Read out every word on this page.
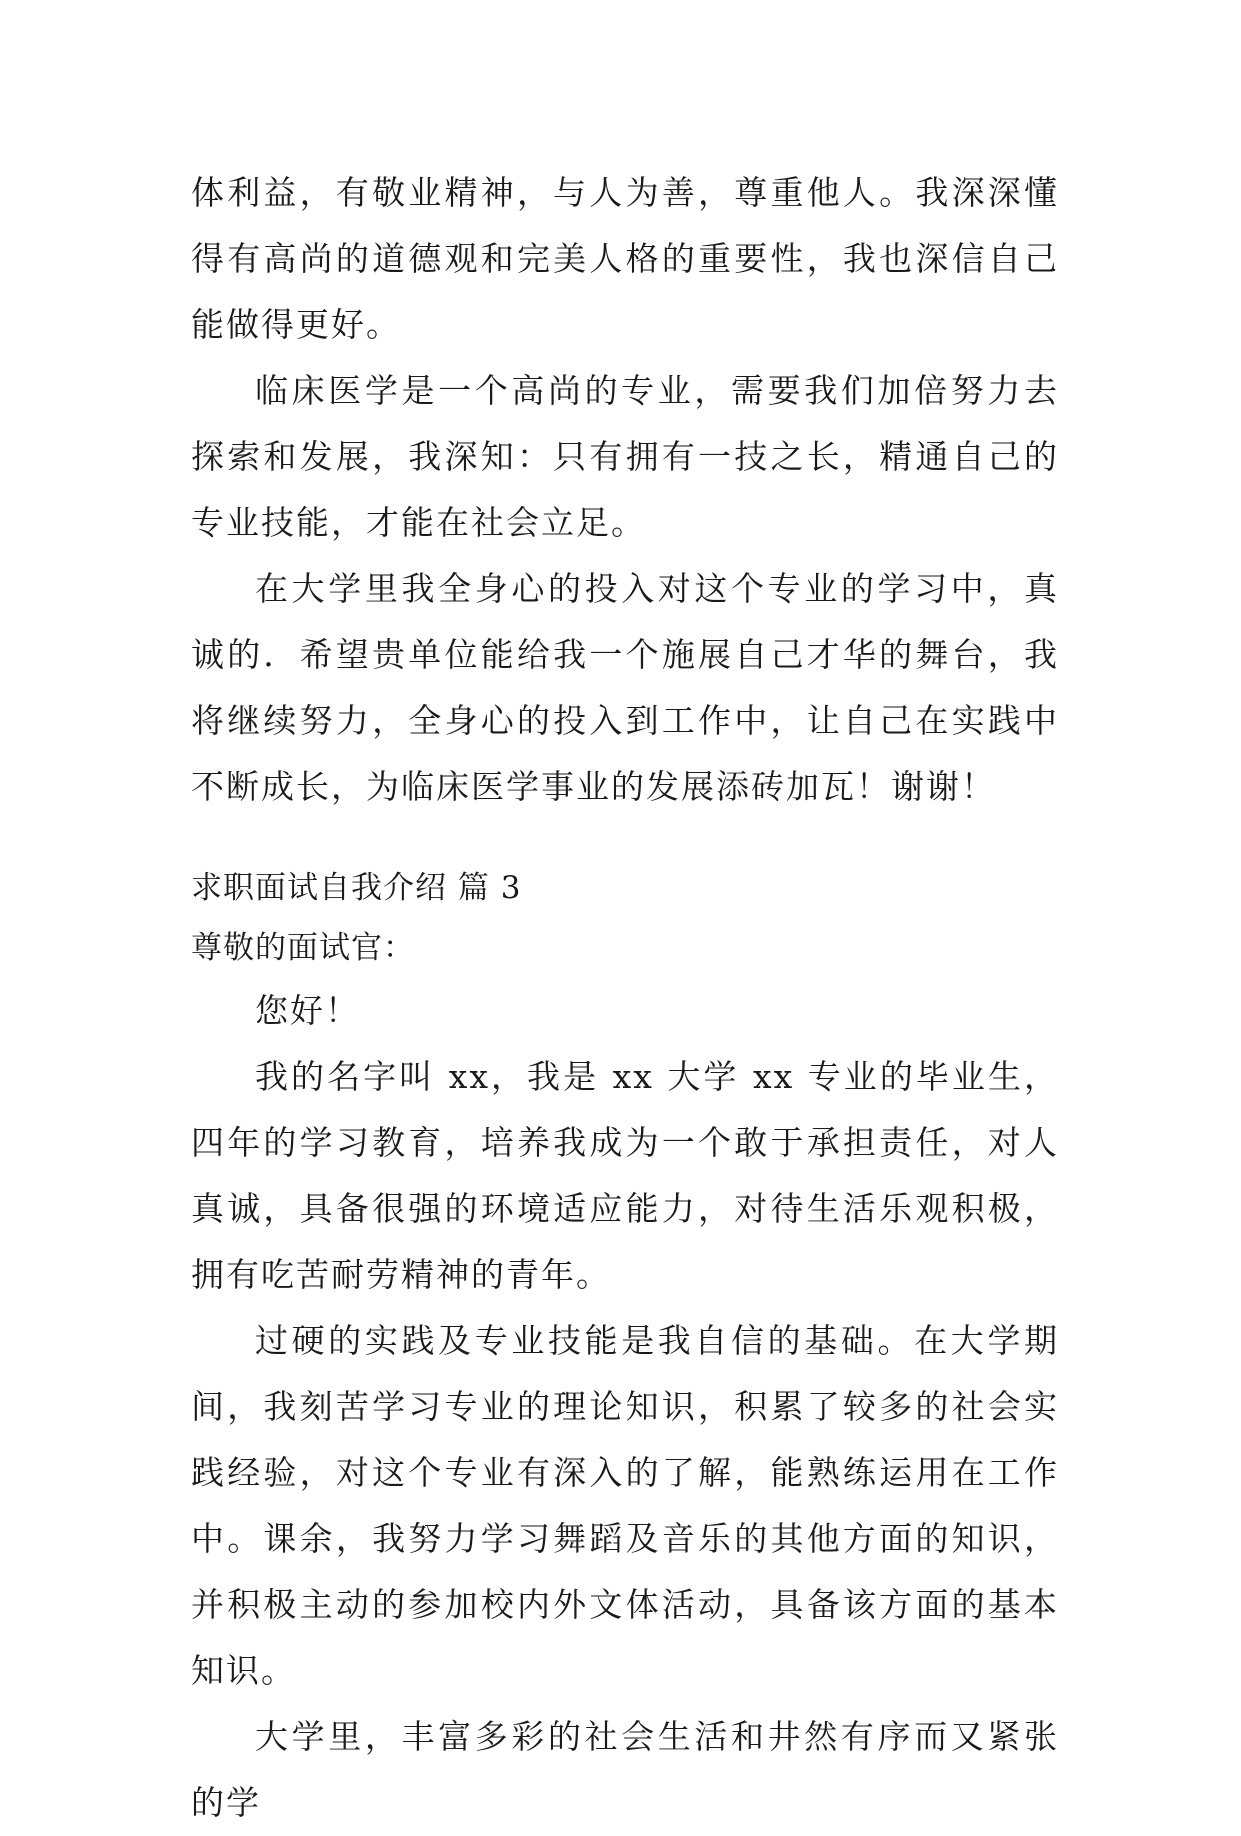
体利益，有敬业精神，与人为善，尊重他人。我深深懂得有高尚的道德观和完美人格的重要性，我也深信自己能做得更好。

临床医学是一个高尚的专业，需要我们加倍努力去探索和发展，我深知：只有拥有一技之长，精通自己的专业技能，才能在社会立足。

在大学里我全身心的投入对这个专业的学习中，真诚的．希望贵单位能给我一个施展自己才华的舞台，我将继续努力，全身心的投入到工作中，让自己在实践中不断成长，为临床医学事业的发展添砖加瓦！谢谢！

求职面试自我介绍 篇 3

尊敬的面试官：

您好！

我的名字叫 xx，我是 xx 大学 xx 专业的毕业生，四年的学习教育，培养我成为一个敢于承担责任，对人真诚，具备很强的环境适应能力，对待生活乐观积极，拥有吃苦耐劳精神的青年。

过硬的实践及专业技能是我自信的基础。在大学期间，我刻苦学习专业的理论知识，积累了较多的社会实践经验，对这个专业有深入的了解，能熟练运用在工作中。课余，我努力学习舞蹈及音乐的其他方面的知识，并积极主动的参加校内外文体活动，具备该方面的基本知识。

大学里，丰富多彩的社会生活和井然有序而又紧张的学
